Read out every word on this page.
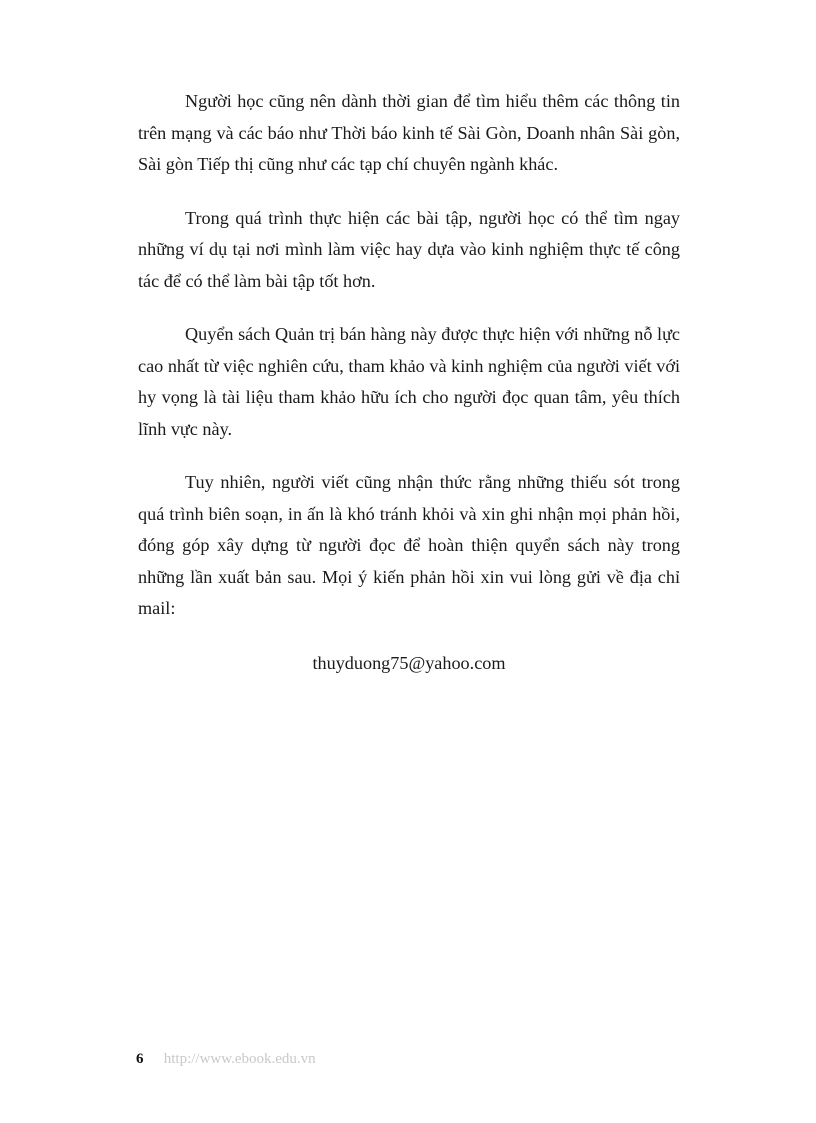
Người học cũng nên dành thời gian để tìm hiểu thêm các thông tin trên mạng và các báo như Thời báo kinh tế Sài Gòn, Doanh nhân Sài gòn, Sài gòn Tiếp thị cũng như các tạp chí chuyên ngành khác.

Trong quá trình thực hiện các bài tập, người học có thể tìm ngay những ví dụ tại nơi mình làm việc hay dựa vào kinh nghiệm thực tế công tác để có thể làm bài tập tốt hơn.

Quyển sách Quản trị bán hàng này được thực hiện với những nỗ lực cao nhất từ việc nghiên cứu, tham khảo và kinh nghiệm của người viết với hy vọng là tài liệu tham khảo hữu ích cho người đọc quan tâm, yêu thích lĩnh vực này.

Tuy nhiên, người viết cũng nhận thức rằng những thiếu sót trong quá trình biên soạn, in ấn là khó tránh khỏi và xin ghi nhận mọi phản hồi, đóng góp xây dựng từ người đọc để hoàn thiện quyển sách này trong những lần xuất bản sau. Mọi ý kiến phản hồi xin vui lòng gửi về địa chỉ mail:

thuyduong75@yahoo.com

6 http://www.ebook.edu.vn
